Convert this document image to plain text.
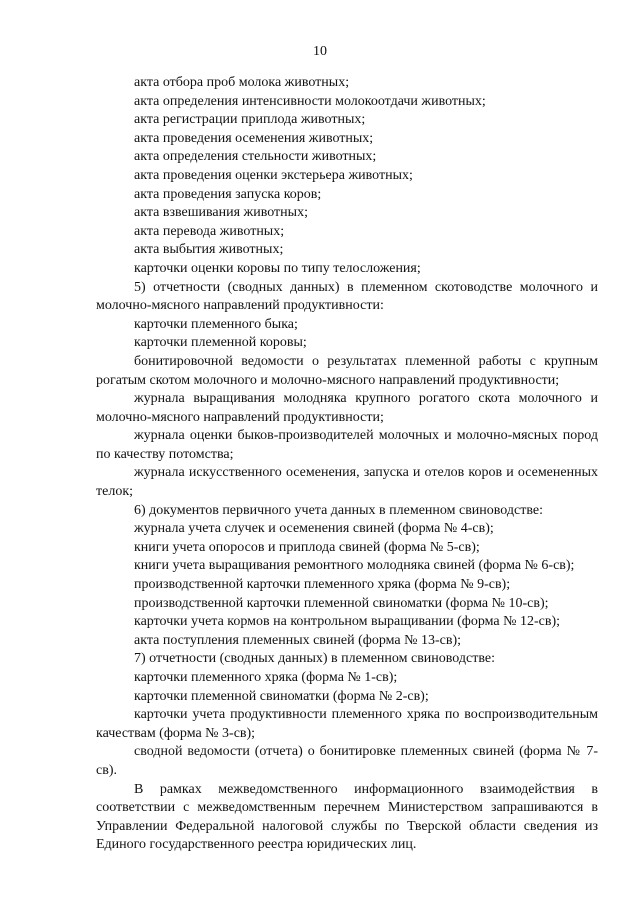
10

акта отбора проб молока животных;

акта определения интенсивности молокоотдачи животных;

акта регистрации приплода животных;

акта проведения осеменения животных;

акта определения стельности животных;

акта проведения оценки экстерьера животных;

акта проведения запуска коров;

акта взвешивания животных;

акта перевода животных;

акта выбытия животных;

карточки оценки коровы по типу телосложения;

5) отчетности (сводных данных) в племенном скотоводстве молочного и молочно-мясного направлений продуктивности:

карточки племенного быка;

карточки племенной коровы;

бонитировочной ведомости о результатах племенной работы с крупным рогатым скотом молочного и молочно-мясного направлений продуктивности;

журнала выращивания молодняка крупного рогатого скота молочного и молочно-мясного направлений продуктивности;

журнала оценки быков-производителей молочных и молочно-мясных пород по качеству потомства;

журнала искусственного осеменения, запуска и отелов коров и осемененных телок;

6) документов первичного учета данных в племенном свиноводстве:

журнала учета случек и осеменения свиней (форма № 4-св);

книги учета опоросов и приплода свиней (форма № 5-св);

книги учета выращивания ремонтного молодняка свиней (форма № 6-св);

производственной карточки племенного хряка (форма № 9-св);

производственной карточки племенной свиноматки (форма № 10-св);

карточки учета кормов на контрольном выращивании (форма № 12-св);

акта поступления племенных свиней (форма № 13-св);

7) отчетности (сводных данных) в племенном свиноводстве:

карточки племенного хряка (форма № 1-св);

карточки племенной свиноматки (форма № 2-св);

карточки учета продуктивности племенного хряка по воспроизводительным качествам (форма № 3-св);

сводной ведомости (отчета) о бонитировке племенных свиней (форма № 7-св).

В рамках межведомственного информационного взаимодействия в соответствии с межведомственным перечнем Министерством запрашиваются в Управлении Федеральной налоговой службы по Тверской области сведения из Единого государственного реестра юридических лиц.
